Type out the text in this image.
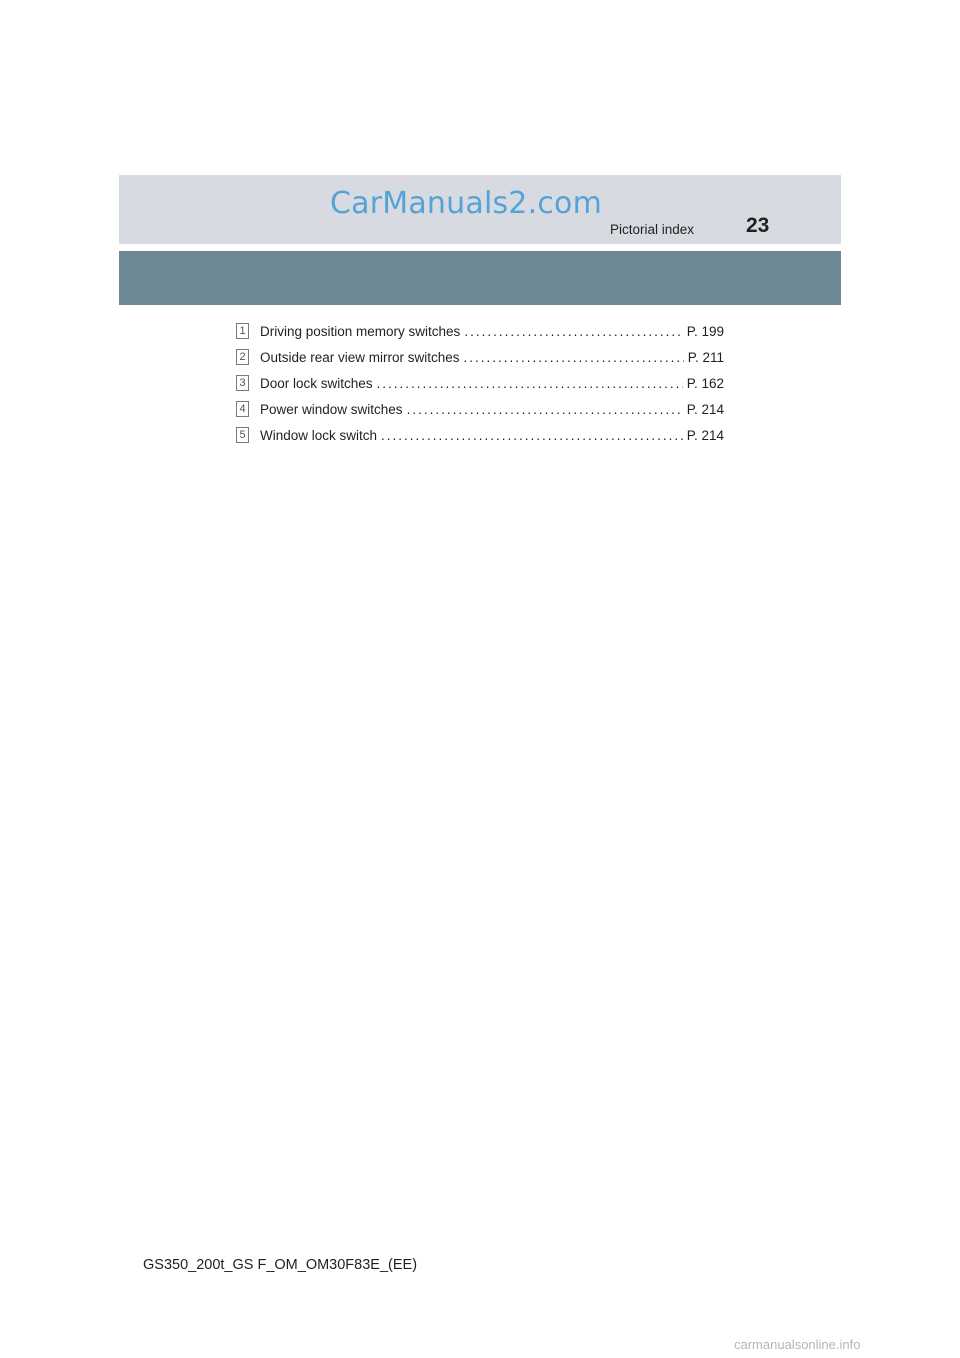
CarManuals2.com
Pictorial index 23
1 Driving position memory switches .....	P. 199
2 Outside rear view mirror switches .....	P. 211
3 Door lock switches .....	P. 162
4 Power window switches .....	P. 214
5 Window lock switch .....	P. 214
GS350_200t_GS F_OM_OM30F83E_(EE)
carmanualsonline.info
